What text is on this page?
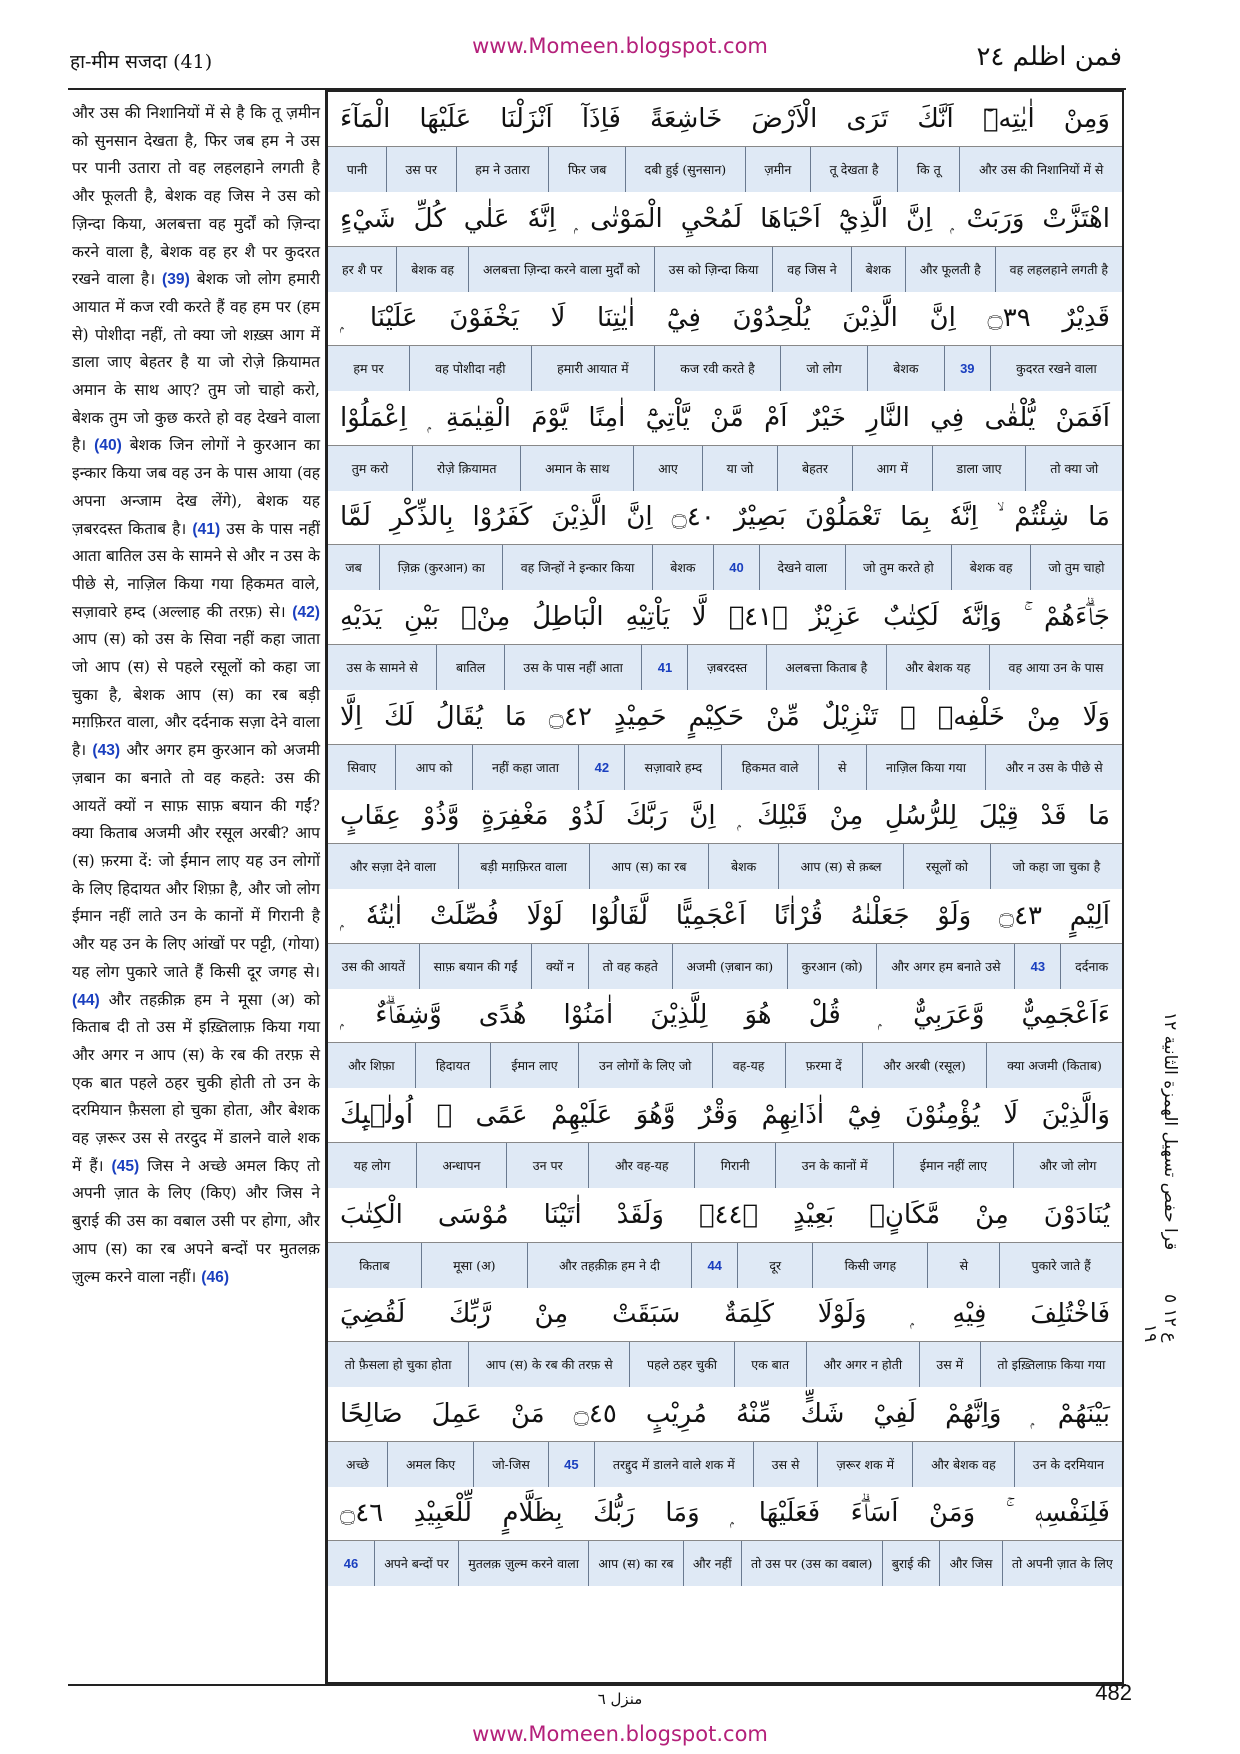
हा-मीम सजदा (41)
www.Momeen.blogspot.com	فمن اظلم ٢٤
और उस की निशानियों में से है कि तू ज़मीन को सुनसान देखता है, फिर जब हम ने उस पर पानी उतारा तो वह लहलहाने लगती है और फूलती है, बेशक वह जिस ने उस को ज़िन्दा किया, अलबत्ता वह मुर्दों को ज़िन्दा करने वाला है, बेशक वह हर शै पर कुदरत रखने वाला है। (39) बेशक जो लोग हमारी आयात में कज रवी करते हैं वह हम पर (हम से) पोशीदा नहीं, तो क्या जो शख़्स आग में डाला जाए बेहतर है या जो रोज़े क़ियामत अमान के साथ आए? तुम जो चाहो करो, बेशक तुम जो कुछ करते हो वह देखने वाला है। (40) बेशक जिन लोगों ने कुरआन का इन्कार किया जब वह उन के पास आया (वह अपना अन्जाम देख लेंगे), बेशक यह ज़बरदस्त किताब है। (41) उस के पास नहीं आता बातिल उस के सामने से और न उस के पीछे से, नाज़िल किया गया हिकमत वाले, सज़ावारे हम्द (अल्लाह की तरफ़) से। (42) आप (स) को उस के सिवा नहीं कहा जाता जो आप (स) से पहले रसूलों को कहा जा चुका है, बेशक आप (स) का रब बड़ी मग़फ़िरत वाला, और दर्दनाक सज़ा देने वाला है। (43) और अगर हम कुरआन को अजमी ज़बान का बनाते तो वह कहते: उस की आयतें क्यों न साफ़ साफ़ बयान की गईं? क्या किताब अजमी और रसूल अरबी? आप (स) फ़रमा दें: जो ईमान लाए यह उन लोगों के लिए हिदायत और शिफ़ा है, और जो लोग ईमान नहीं लाते उन के कानों में गिरानी है और यह उन के लिए आंखों पर पट्टी, (गोया) यह लोग पुकारे जाते हैं किसी दूर जगह से। (44) और तहक़ीक़ हम ने मूसा (अ) को किताब दी तो उस में इख़्तिलाफ़ किया गया और अगर न आप (स) के रब की तरफ़ से एक बात पहले ठहर चुकी होती तो उन के दरमियान फ़ैसला हो चुका होता, और बेशक वह ज़रूर उस से तरदुद में डालने वाले शक में हैं। (45) जिस ने अच्छे अमल किए तो अपनी ज़ात के लिए (किए) और जिस ने बुराई की उस का वबाल उसी पर होगा, और आप (स) का रब अपने बन्दों पर मुतलक़ ज़ुल्म करने वाला नहीं। (46)
وَمِنْ اٰيٰتِهٖٓ اَنَّكَ تَرَى الْاَرْضَ خَاشِعَةً فَاِذَآ اَنْزَلْنَا عَلَيْهَا الْمَآءَ
और उस की निशानियों में से
कि तू
तू देखता है
ज़मीन
दबी हुई (सुनसान)
फिर जब
हम ने उतारा
उस पर
पानी
اهْتَزَّتْ وَرَبَتْ ۭ اِنَّ الَّذِيْٓ اَحْيَاهَا لَمُحْيِ الْمَوْتٰى ۭ اِنَّهٗ عَلٰي كُلِّ شَيْءٍ
वह लहलहाने लगती है
और फूलती है
बेशक
वह जिस ने
उस को ज़िन्दा किया
अलबत्ता ज़िन्दा करने वाला मुर्दों को
बेशक वह
हर शै पर
قَدِيْرٌ ۝٣٩ اِنَّ الَّذِيْنَ يُلْحِدُوْنَ فِيْٓ اٰيٰتِنَا لَا يَخْفَوْنَ عَلَيْنَا ۭ
कुदरत रखने वाला
39
बेशक
जो लोग
कज रवी करते है
हमारी आयात में
वह पोशीदा नही
हम पर
اَفَمَنْ يُّلْقٰى فِي النَّارِ خَيْرٌ اَمْ مَّنْ يَّاْتِيْٓ اٰمِنًا يَّوْمَ الْقِيٰمَةِ ۭ اِعْمَلُوْا
तो क्या जो
डाला जाए
आग में
बेहतर
या जो
आए
अमान के साथ
रोज़े क़ियामत
तुम करो
مَا شِئْتُمْ ۙ اِنَّهٗ بِمَا تَعْمَلُوْنَ بَصِيْرٌ ۝٤٠ اِنَّ الَّذِيْنَ كَفَرُوْا بِالذِّكْرِ لَمَّا
जो तुम चाहो
बेशक वह
जो तुम करते हो
देखने वाला
40
बेशक
वह जिन्हों ने इन्कार किया
ज़िक्र (कुरआन) का
जब
جَاۗءَهُمْ ۚ وَاِنَّهٗ لَكِتٰبٌ عَزِيْزٌ ۝٤١ۙ لَّا يَاْتِيْهِ الْبَاطِلُ مِنْۢ بَيْنِ يَدَيْهِ
वह आया उन के पास
और बेशक यह
अलबत्ता किताब है
ज़बरदस्त
41
उस के पास नहीं आता
बातिल
उस के सामने से
وَلَا مِنْ خَلْفِهٖ ۭ تَنْزِيْلٌ مِّنْ حَكِيْمٍ حَمِيْدٍ ۝٤٢ مَا يُقَالُ لَكَ اِلَّا
और न उस के पीछे से
नाज़िल किया गया
से
हिकमत वाले
सज़ावारे हम्द
42
नहीं कहा जाता
आप को
सिवाए
مَا قَدْ قِيْلَ لِلرُّسُلِ مِنْ قَبْلِكَ ۭ اِنَّ رَبَّكَ لَذُوْ مَغْفِرَةٍ وَّذُوْ عِقَابٍ
जो कहा जा चुका है
रसूलों को
आप (स) से क़ब्ल
बेशक
आप (स) का रब
बड़ी मग़फ़िरत वाला
और सज़ा देने वाला
اَلِيْمٍ ۝٤٣ وَلَوْ جَعَلْنٰهُ قُرْاٰنًا اَعْجَمِيًّا لَّقَالُوْا لَوْلَا فُصِّلَتْ اٰيٰتُهٗ ۭ
दर्दनाक
43
और अगर हम बनाते उसे
कुरआन (को)
अजमी (ज़बान का)
तो वह कहते
क्यों न
साफ़ बयान की गईं
उस की आयतें
ءَاَعْجَمِيٌّ وَّعَرَبِيٌّ ۭ قُلْ هُوَ لِلَّذِيْنَ اٰمَنُوْا هُدًى وَّشِفَاۗءٌ ۭ
क्या अजमी (किताब)
और अरबी (रसूल)
फ़रमा दें
वह-यह
उन लोगों के लिए जो
ईमान लाए
हिदायत
और शिफ़ा
وَالَّذِيْنَ لَا يُؤْمِنُوْنَ فِيْٓ اٰذَانِهِمْ وَقْرٌ وَّهُوَ عَلَيْهِمْ عَمًى ۭ اُولٰۗىِٕكَ
और जो लोग
ईमान नहीं लाए
उन के कानों में
गिरानी
और वह-यह
उन पर
अन्धापन
यह लोग
يُنَادَوْنَ مِنْ مَّكَانٍۢ بَعِيْدٍ ۝٤٤ۧ وَلَقَدْ اٰتَيْنَا مُوْسَى الْكِتٰبَ
पुकारे जाते हैं
से
किसी जगह
दूर
44
और तहक़ीक़ हम ने दी
मूसा (अ)
किताब
فَاخْتُلِفَ فِيْهِ ۭ وَلَوْلَا كَلِمَةٌ سَبَقَتْ مِنْ رَّبِّكَ لَقُضِيَ
तो इख़्तिलाफ़ किया गया
उस में
और अगर न होती
एक बात
पहले ठहर चुकी
आप (स) के रब की तरफ़ से
तो फ़ैसला हो चुका होता
بَيْنَهُمْ ۭ وَاِنَّهُمْ لَفِيْ شَكٍّ مِّنْهُ مُرِيْبٍ ۝٤٥ مَنْ عَمِلَ صَالِحًا
उन के दरमियान
और बेशक वह
ज़रूर शक में
उस से
तरद्दुद में डालने वाले शक में
45
जो-जिस
अमल किए
अच्छे
فَلِنَفْسِهٖ ۚ وَمَنْ اَسَاۗءَ فَعَلَيْهَا ۭ وَمَا رَبُّكَ بِظَلَّامٍ لِّلْعَبِيْدِ ۝٤٦
तो अपनी ज़ात के लिए
और जिस
बुराई की
तो उस पर (उस का वबाल)
और नहीं
आप (स) का रब
मुतलक़ ज़ुल्म करने वाला
अपने बन्दों पर
46
قرا حفص تسهيل الهمزة الثانية ١٢
ع ١٢ ٥ ١٩
منزل ٦	482
www.Momeen.blogspot.com
